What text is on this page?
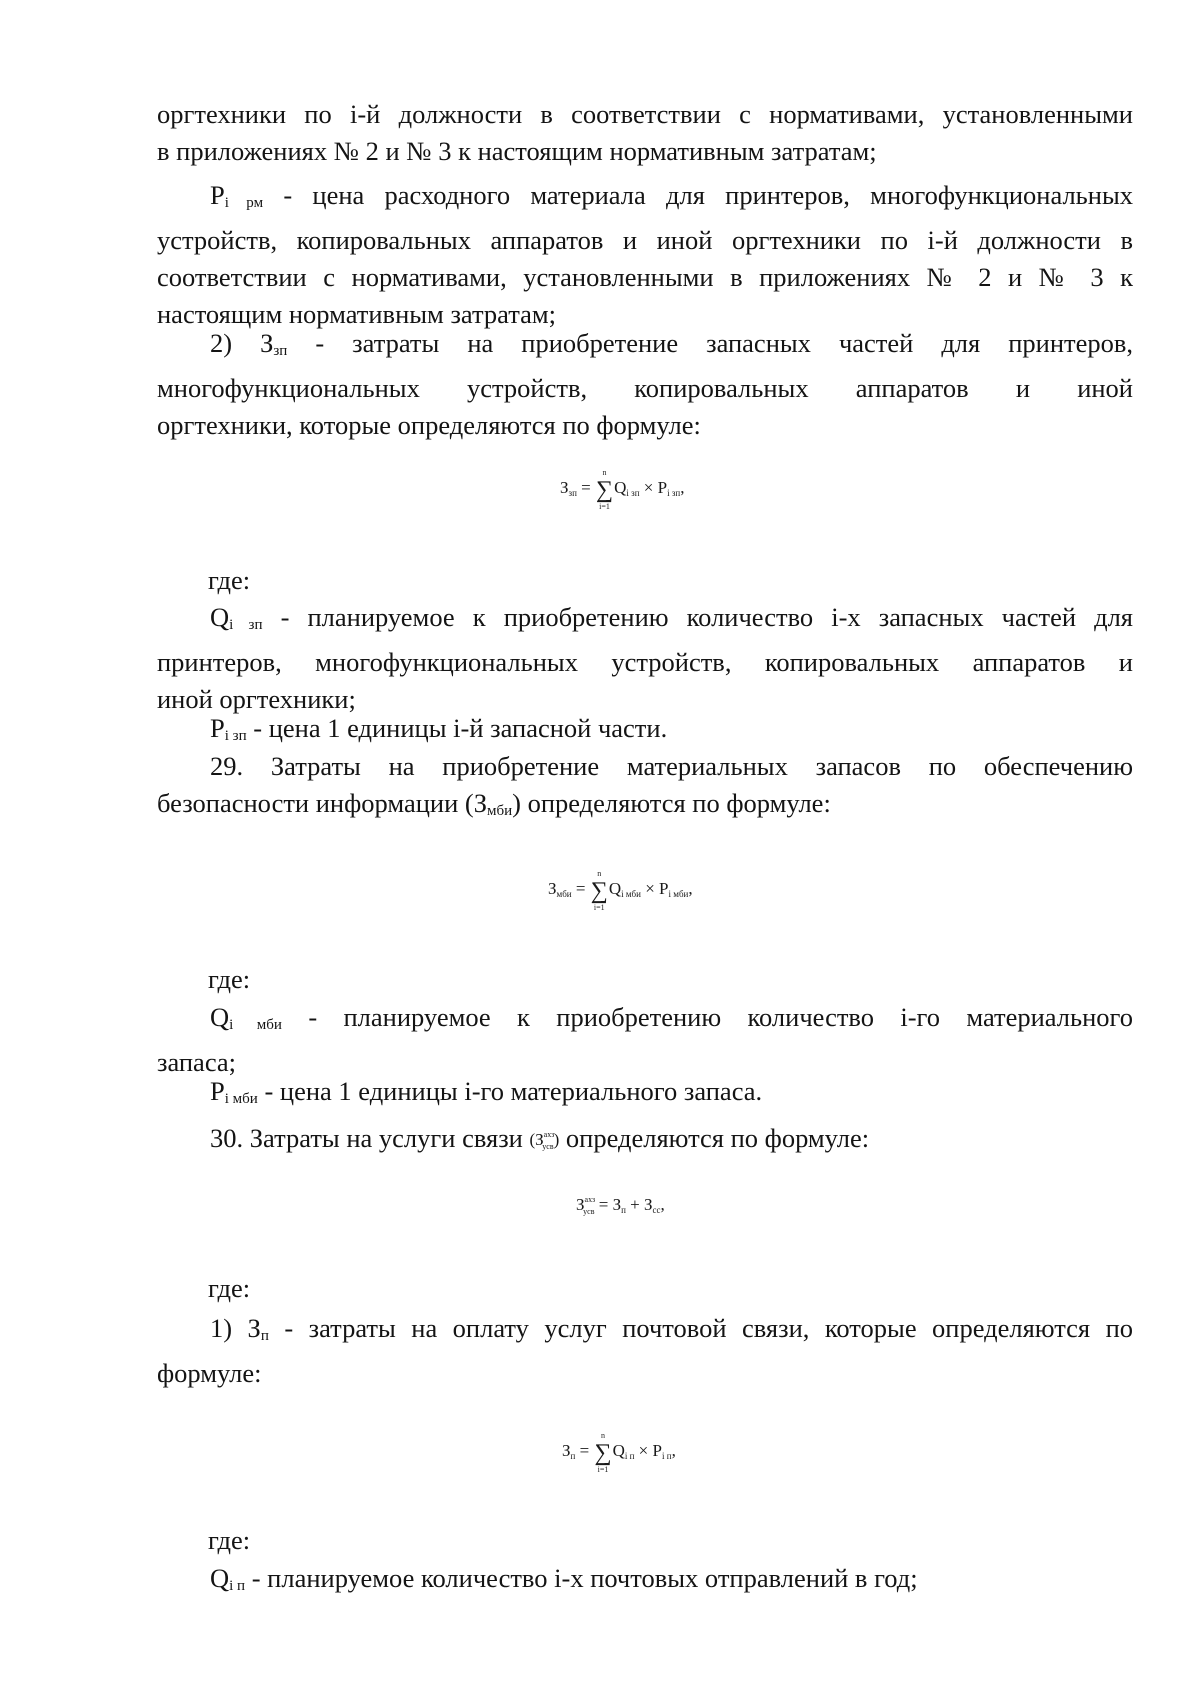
оргтехники по i-й должности в соответствии с нормативами, установленными
в приложениях № 2 и № 3 к настоящим нормативным затратам;
$P_{i рм}$ - цена расходного материала для принтеров, многофункциональных
устройств, копировальных аппаратов и иной оргтехники по i-й должности в
соответствии с нормативами, установленными в приложениях № 2 и № 3 к
настоящим нормативным затратам;
2) $З_{зп}$ - затраты на приобретение запасных частей для принтеров,
многофункциональных устройств, копировальных аппаратов и иной
оргтехники, которые определяются по формуле:
Ззп = ∑
n
i=1
Qi зп × Pi зп,
где:
$Q_{i зп}$ - планируемое к приобретению количество i-х запасных частей для
принтеров, многофункциональных устройств, копировальных аппаратов и
иной оргтехники;
$P_{i зп}$ - цена 1 единицы i-й запасной части.
29. Затраты на приобретение материальных запасов по обеспечению
безопасности информации $(З_{мби})$ определяются по формуле:
Змби = ∑
n
i=1
Qi мби × Pi мби,
где:
$Q_{i мби}$ - планируемое к приобретению количество i-го материального
запаса;
$P_{i мби}$ - цена 1 единицы i-го материального запаса.
30. Затраты на услуги связи $(З^{ахз}_{усв})$ определяются по формуле:
$З^{ахз}_{усв}$ = Зп + Зсс,
где:
1) $З_п$ - затраты на оплату услуг почтовой связи, которые определяются по
формуле:
Зп = ∑
n
i=1
Qi п × Pi п,
где:
$Q_{i п}$ - планируемое количество i-х почтовых отправлений в год;
